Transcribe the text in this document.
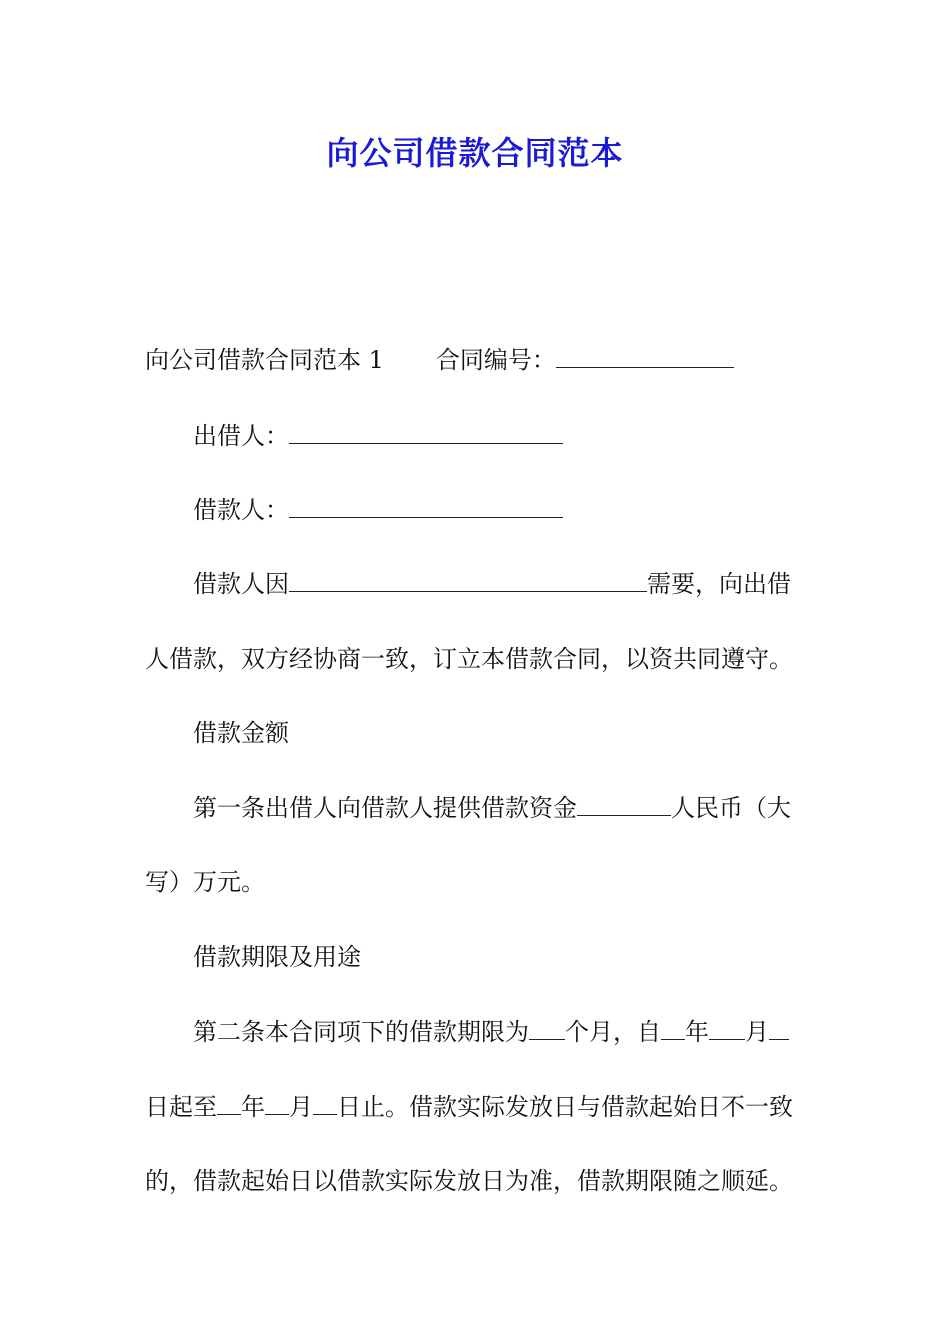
向公司借款合同范本
向公司借款合同范本 1 合同编号：
出借人：
借款人：
借款人因	需要，向出借
人借款，双方经协商一致，订立本借款合同，以资共同遵守。
借款金额
第一条出借人向借款人提供借款资金	人民币（大
写）万元。
借款期限及用途
第二条本合同项下的借款期限为 个月，自 年 月
日起至 年 月 日止。借款实际发放日与借款起始日不一致
的，借款起始日以借款实际发放日为准，借款期限随之顺延。
